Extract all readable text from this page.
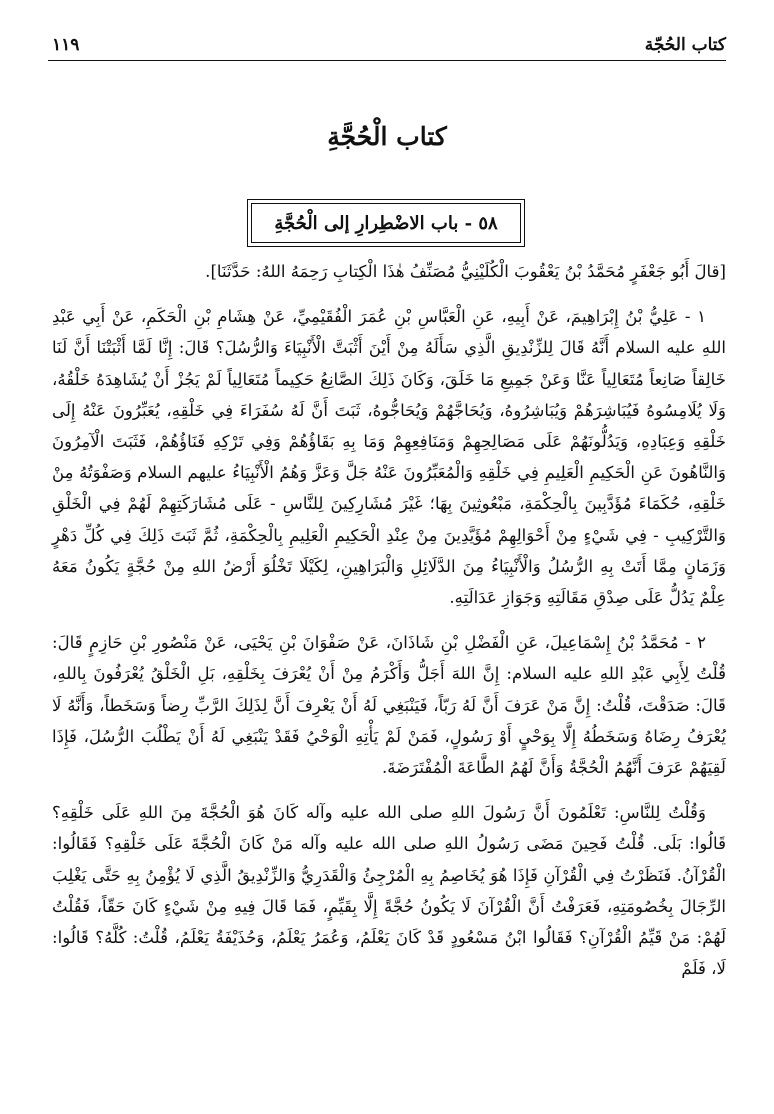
كتاب الحُجّة
١١٩
كتاب الْحُجَّةِ
٥٨ - باب الاضْطِرارِ إلى الْحُجَّةِ

[قالَ أَبُو جَعْفَرٍ مُحَمَّدُ بْنُ يَعْقُوبَ الْكُلَيْنِيُّ مُصَنِّفُ هٰذَا الْكِتابِ رَحِمَهُ اللهُ: حَدَّثَنَا].

١ - عَلِيُّ بْنُ إِبْرَاهِيمَ، عَنْ أَبِيهِ، عَنِ الْعَبَّاسِ بْنِ عُمَرَ الْفُقَيْمِيِّ، عَنْ هِشَامِ بْنِ الْحَكَمِ، عَنْ أَبِي عَبْدِ اللهِ عليه السلام أَنَّهُ قَالَ لِلزِّنْدِيقِ الَّذِي سَأَلَهُ مِنْ أَيْنَ أَثْبَتَّ الْأَنْبِيَاءَ وَالرُّسُلَ؟ قَالَ: إِنَّا لَمَّا أَثْبَتْنَا أَنَّ لَنَا خَالِقاً صَانِعاً مُتَعَالِياً عَنَّا وَعَنْ جَمِيعِ مَا خَلَقَ، وَكَانَ ذَلِكَ الصَّانِعُ حَكِيماً مُتَعَالِياً لَمْ يَجُزْ أَنْ يُشَاهِدَهُ خَلْقُهُ، وَلَا يُلَامِسُوهُ فَيُبَاشِرَهُمْ وَيُبَاشِرُوهُ، وَيُحَاجَّهُمْ وَيُحَاجُّوهُ، ثَبَتَ أَنَّ لَهُ سُفَرَاءَ فِي خَلْقِهِ، يُعَبِّرُونَ عَنْهُ إِلَى خَلْقِهِ وَعِبَادِهِ، وَيَدُلُّونَهُمْ عَلَى مَصَالِحِهِمْ وَمَنَافِعِهِمْ وَمَا بِهِ بَقَاؤُهُمْ وَفِي تَرْكِهِ فَنَاؤُهُمْ، فَثَبَتَ الْآمِرُونَ وَالنَّاهُونَ عَنِ الْحَكِيمِ الْعَلِيمِ فِي خَلْقِهِ وَالْمُعَبِّرُونَ عَنْهُ جَلَّ وَعَزَّ وَهُمُ الْأَنْبِيَاءُ عليهم السلام وَصَفْوَتُهُ مِنْ خَلْقِهِ، حُكَمَاءَ مُؤَدَّبِينَ بِالْحِكْمَةِ، مَبْعُوثِينَ بِهَا؛ غَيْرَ مُشَارِكِينَ لِلنَّاسِ - عَلَى مُشَارَكَتِهِمْ لَهُمْ فِي الْخَلْقِ وَالتَّرْكِيبِ - فِي شَيْءٍ مِنْ أَحْوَالِهِمْ مُؤَيَّدِينَ مِنْ عِنْدِ الْحَكِيمِ الْعَلِيمِ بِالْحِكْمَةِ، ثُمَّ ثَبَتَ ذَلِكَ فِي كُلِّ دَهْرٍ وَزَمَانٍ مِمَّا أَتَتْ بِهِ الرُّسُلُ وَالْأَنْبِيَاءُ مِنَ الدَّلَائِلِ وَالْبَرَاهِينِ، لِكَيْلَا تَخْلُوَ أَرْضُ اللهِ مِنْ حُجَّةٍ يَكُونُ مَعَهُ عِلْمٌ يَدُلُّ عَلَى صِدْقِ مَقَالَتِهِ وَجَوَازِ عَدَالَتِهِ.

٢ - مُحَمَّدُ بْنُ إِسْمَاعِيلَ، عَنِ الْفَضْلِ بْنِ شَاذَانَ، عَنْ صَفْوَانَ بْنِ يَحْيَى، عَنْ مَنْصُورِ بْنِ حَازِمٍ قَالَ: قُلْتُ لِأَبِي عَبْدِ اللهِ عليه السلام: إِنَّ اللهَ أَجَلُّ وَأَكْرَمُ مِنْ أَنْ يُعْرَفَ بِخَلْقِهِ، بَلِ الْخَلْقُ يُعْرَفُونَ بِاللهِ، قَالَ: صَدَقْتَ، قُلْتُ: إِنَّ مَنْ عَرَفَ أَنَّ لَهُ رَبّاً، فَيَنْبَغِي لَهُ أَنْ يَعْرِفَ أَنَّ لِذَلِكَ الرَّبِّ رِضاً وَسَخَطاً، وَأَنَّهُ لَا يُعْرَفُ رِضَاهُ وَسَخَطُهُ إِلَّا بِوَحْيٍ أَوْ رَسُولٍ، فَمَنْ لَمْ يَأْتِهِ الْوَحْيُ فَقَدْ يَنْبَغِي لَهُ أَنْ يَطْلُبَ الرُّسُلَ، فَإِذَا لَقِيَهُمْ عَرَفَ أَنَّهُمُ الْحُجَّةُ وَأَنَّ لَهُمُ الطَّاعَةَ الْمُفْتَرَضَةَ.

وَقُلْتُ لِلنَّاسِ: تَعْلَمُونَ أَنَّ رَسُولَ اللهِ صلى الله عليه وآله كَانَ هُوَ الْحُجَّةَ مِنَ اللهِ عَلَى خَلْقِهِ؟ قَالُوا: بَلَى. قُلْتُ فَحِينَ مَضَى رَسُولُ اللهِ صلى الله عليه وآله مَنْ كَانَ الْحُجَّةَ عَلَى خَلْقِهِ؟ فَقَالُوا: الْقُرْآنُ. فَنَظَرْتُ فِي الْقُرْآنِ فَإِذَا هُوَ يُخَاصِمُ بِهِ الْمُرْجِئُ وَالْقَدَرِيُّ وَالزِّنْدِيقُ الَّذِي لَا يُؤْمِنُ بِهِ حَتَّى يَغْلِبَ الرِّجَالَ بِخُصُومَتِهِ، فَعَرَفْتُ أَنَّ الْقُرْآنَ لَا يَكُونُ حُجَّةً إِلَّا بِقَيِّمٍ، فَمَا قَالَ فِيهِ مِنْ شَيْءٍ كَانَ حَقّاً، فَقُلْتُ لَهُمْ: مَنْ قَيِّمُ الْقُرْآنِ؟ فَقَالُوا ابْنُ مَسْعُودٍ قَدْ كَانَ يَعْلَمُ، وَعُمَرُ يَعْلَمُ، وَحُذَيْفَةُ يَعْلَمُ، قُلْتُ: كُلَّهُ؟ قَالُوا: لَا، فَلَمْ
